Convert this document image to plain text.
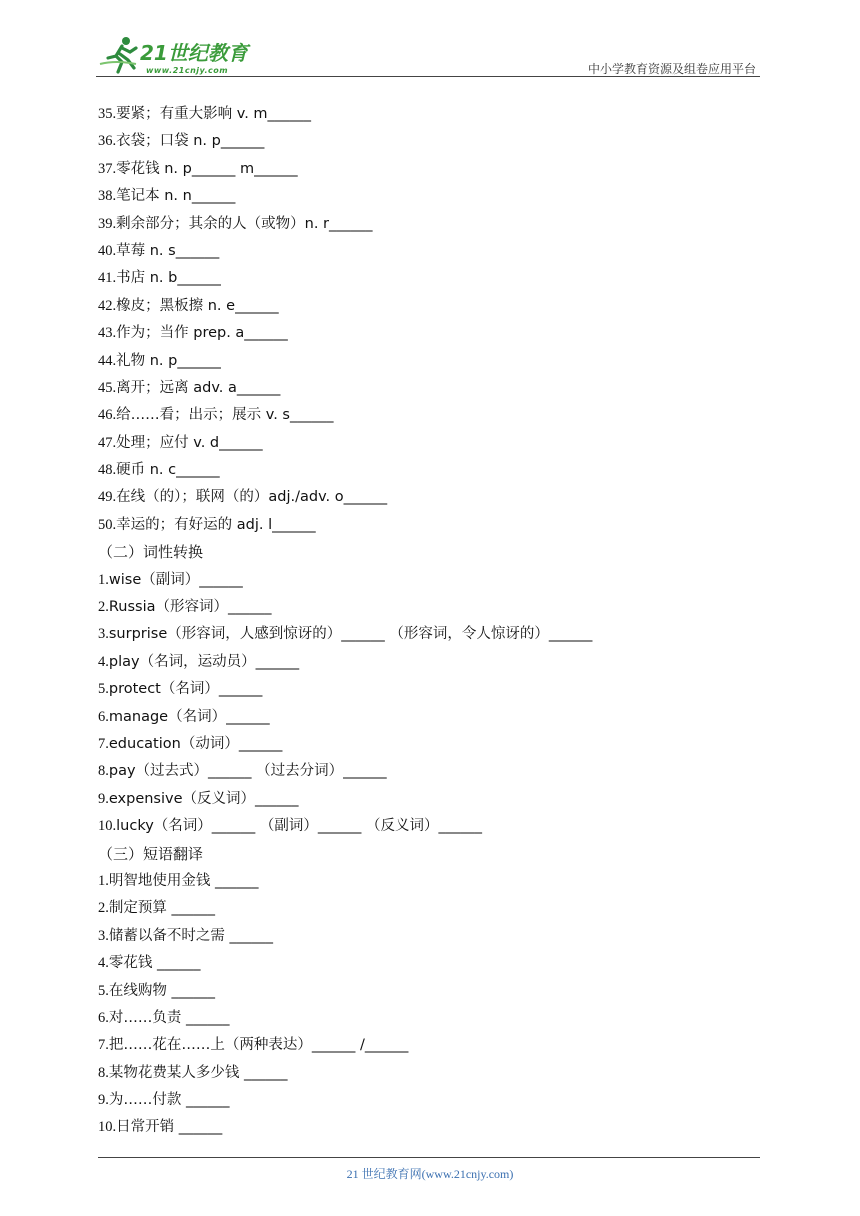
21世纪教育
www.21cnjy.com	中小学教育资源及组卷应用平台
35.要紧；有重大影响 v. m______
36.衣袋；口袋 n. p______
37.零花钱 n. p______ m______
38.笔记本 n. n______
39.剩余部分；其余的人（或物）n. r______
40.草莓 n. s______
41.书店 n. b______
42.橡皮；黑板擦 n. e______
43.作为；当作 prep. a______
44.礼物 n. p______
45.离开；远离 adv. a______
46.给……看；出示；展示 v. s______
47.处理；应付 v. d______
48.硬币 n. c______
49.在线（的）；联网（的）adj./adv. o______
50.幸运的；有好运的 adj. l______
（二）词性转换
1.wise（副词）______
2.Russia（形容词）______
3.surprise（形容词，人感到惊讶的）______ （形容词，令人惊讶的）______
4.play（名词，运动员）______
5.protect（名词）______
6.manage（名词）______
7.education（动词）______
8.pay（过去式）______ （过去分词）______
9.expensive（反义词）______
10.lucky（名词）______ （副词）______ （反义词）______
（三）短语翻译
1.明智地使用金钱 ______
2.制定预算 ______
3.储蓄以备不时之需 ______
4.零花钱 ______
5.在线购物 ______
6.对……负责 ______
7.把……花在……上（两种表达）______ /______
8.某物花费某人多少钱 ______
9.为……付款 ______
10.日常开销 ______
21 世纪教育网(www.21cnjy.com)
